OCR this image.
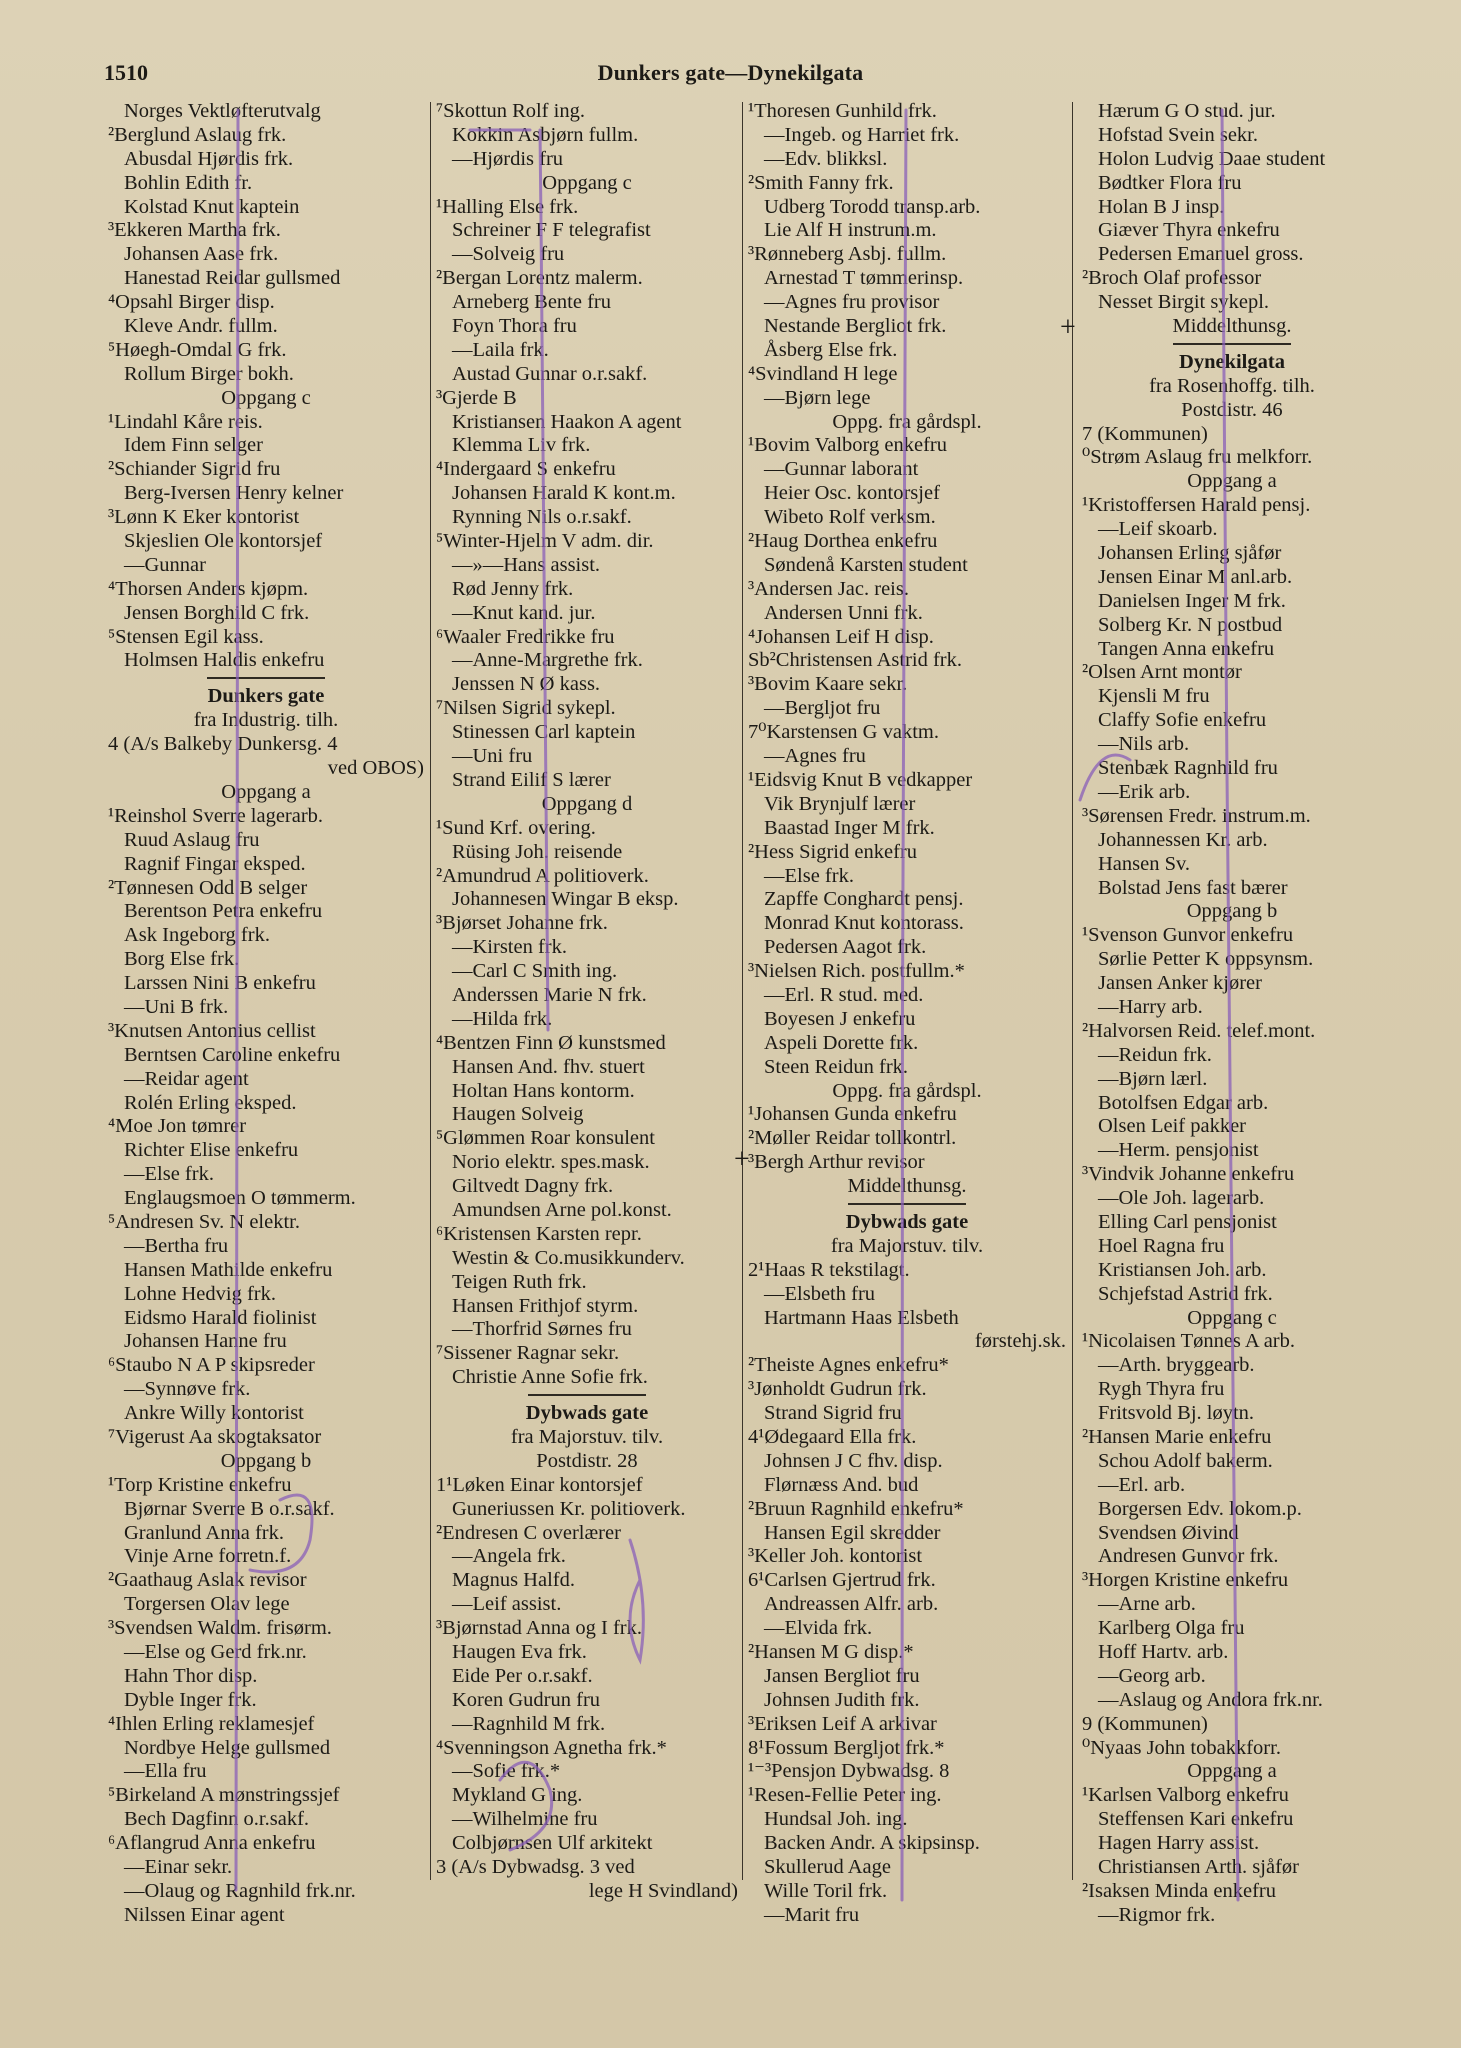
1510	Dunkers gate—Dynekilgata
Norges Vektløfterutvalg
²Berglund Aslaug frk.
Abusdal Hjørdis frk.
Bohlin Edith fr.
Kolstad Knut kaptein
³Ekkeren Martha frk.
Johansen Aase frk.
Hanestad Reidar gullsmed
⁴Opsahl Birger disp.
Kleve Andr. fullm.
⁵Høegh-Omdal G frk.
Rollum Birger bokh.
Oppgang c
¹Lindahl Kåre reis.
Idem Finn selger
²Schiander Sigrid fru
Berg-Iversen Henry kelner
³Lønn K Eker kontorist
Skjeslien Ole kontorsjef
—Gunnar
⁴Thorsen Anders kjøpm.
Jensen Borghild C frk.
⁵Stensen Egil kass.
Holmsen Haldis enkefru
Dunkers gate
fra Industrig. tilh.
4 (A/s Balkeby Dunkersg. 4
ved OBOS)
Oppgang a
¹Reinshol Sverre lagerarb.
Ruud Aslaug fru
Ragnif Fingar eksped.
²Tønnesen Odd B selger
Berentson Petra enkefru
Ask Ingeborg frk.
Borg Else frk.
Larssen Nini B enkefru
—Uni B frk.
³Knutsen Antonius cellist
Berntsen Caroline enkefru
—Reidar agent
Rolén Erling eksped.
⁴Moe Jon tømrer
Richter Elise enkefru
—Else frk.
Englaugsmoen O tømmerm.
⁵Andresen Sv. N elektr.
—Bertha fru
Hansen Mathilde enkefru
Lohne Hedvig frk.
Eidsmo Harald fiolinist
Johansen Hanne fru
⁶Staubo N A P skipsreder
—Synnøve frk.
Ankre Willy kontorist
⁷Vigerust Aa skogtaksator
Oppgang b
¹Torp Kristine enkefru
Bjørnar Sverre B o.r.sakf.
Granlund Anna frk.
Vinje Arne forretn.f.
²Gaathaug Aslak revisor
Torgersen Olav lege
³Svendsen Waldm. frisørm.
—Else og Gerd frk.nr.
Hahn Thor disp.
Dyble Inger frk.
⁴Ihlen Erling reklamesjef
Nordbye Helge gullsmed
—Ella fru
⁵Birkeland A mønstringssjef
Bech Dagfinn o.r.sakf.
⁶Aflangrud Anna enkefru
—Einar sekr.
—Olaug og Ragnhild frk.nr.
Nilssen Einar agent
⁷Skottun Rolf ing.
Kokkin Asbjørn fullm.
—Hjørdis fru
Oppgang c
¹Halling Else frk.
Schreiner F F telegrafist
—Solveig fru
²Bergan Lorentz malerm.
Arneberg Bente fru
Foyn Thora fru
—Laila frk.
Austad Gunnar o.r.sakf.
³Gjerde B
Kristiansen Haakon A agent
Klemma Liv frk.
⁴Indergaard S enkefru
Johansen Harald K kont.m.
Rynning Nils o.r.sakf.
⁵Winter-Hjelm V adm. dir.
—»—Hans assist.
Rød Jenny frk.
—Knut kand. jur.
⁶Waaler Fredrikke fru
—Anne-Margrethe frk.
Jenssen N Ø kass.
⁷Nilsen Sigrid sykepl.
Stinessen Carl kaptein
—Uni fru
Strand Eilif S lærer
Oppgang d
¹Sund Krf. overing.
Rüsing Joh. reisende
²Amundrud A politioverk.
Johannesen Wingar B eksp.
³Bjørset Johanne frk.
—Kirsten frk.
—Carl C Smith ing.
Anderssen Marie N frk.
—Hilda frk.
⁴Bentzen Finn Ø kunstsmed
Hansen And. fhv. stuert
Holtan Hans kontorm.
Haugen Solveig
⁵Glømmen Roar konsulent
Norio elektr. spes.mask.
Giltvedt Dagny frk.
Amundsen Arne pol.konst.
⁶Kristensen Karsten repr.
Westin & Co.musikkunderv.
Teigen Ruth frk.
Hansen Frithjof styrm.
—Thorfrid Sørnes fru
⁷Sissener Ragnar sekr.
Christie Anne Sofie frk.
Dybwads gate
fra Majorstuv. tilv.
Postdistr. 28
1¹Løken Einar kontorsjef
Guneriussen Kr. politioverk.
²Endresen C overlærer
—Angela frk.
Magnus Halfd.
—Leif assist.
³Bjørnstad Anna og I frk.
Haugen Eva frk.
Eide Per o.r.sakf.
Koren Gudrun fru
—Ragnhild M frk.
⁴Svenningson Agnetha frk.*
—Sofie frk.*
Mykland G ing.
—Wilhelmine fru
Colbjørnsen Ulf arkitekt
3 (A/s Dybwadsg. 3 ved
lege H Svindland)
¹Thoresen Gunhild frk.
—Ingeb. og Harriet frk.
—Edv. blikksl.
²Smith Fanny frk.
Udberg Torodd transp.arb.
Lie Alf H instrum.m.
³Rønneberg Asbj. fullm.
Arnestad T tømmerinsp.
—Agnes fru provisor
Nestande Bergliot frk.
Åsberg Else frk.
⁴Svindland H lege
—Bjørn lege
Oppg. fra gårdspl.
¹Bovim Valborg enkefru
—Gunnar laborant
Heier Osc. kontorsjef
Wibeto Rolf verksm.
²Haug Dorthea enkefru
Søndenå Karsten student
³Andersen Jac. reis.
Andersen Unni frk.
⁴Johansen Leif H disp.
Sb²Christensen Astrid frk.
³Bovim Kaare sekr.
—Bergljot fru
7⁰Karstensen G vaktm.
—Agnes fru
¹Eidsvig Knut B vedkapper
Vik Brynjulf lærer
Baastad Inger M frk.
²Hess Sigrid enkefru
—Else frk.
Zapffe Conghardt pensj.
Monrad Knut kontorass.
Pedersen Aagot frk.
³Nielsen Rich. postfullm.*
—Erl. R stud. med.
Boyesen J enkefru
Aspeli Dorette frk.
Steen Reidun frk.
Oppg. fra gårdspl.
¹Johansen Gunda enkefru
²Møller Reidar tollkontrl.
³Bergh Arthur revisor
Middelthunsg.
Dybwads gate
fra Majorstuv. tilv.
2¹Haas R tekstilagt.
—Elsbeth fru
Hartmann Haas Elsbeth
førstehj.sk.
²Theiste Agnes enkefru*
³Jønholdt Gudrun frk.
Strand Sigrid fru
4¹Ødegaard Ella frk.
Johnsen J C fhv. disp.
Flørnæss And. bud
²Bruun Ragnhild enkefru*
Hansen Egil skredder
³Keller Joh. kontorist
6¹Carlsen Gjertrud frk.
Andreassen Alfr. arb.
—Elvida frk.
²Hansen M G disp.*
Jansen Bergliot fru
Johnsen Judith frk.
³Eriksen Leif A arkivar
8¹Fossum Bergljot frk.*
¹⁻³Pensjon Dybwadsg. 8
¹Resen-Fellie Peter ing.
Hundsal Joh. ing.
Backen Andr. A skipsinsp.
Skullerud Aage
Wille Toril frk.
—Marit fru
Hærum G O stud. jur.
Hofstad Svein sekr.
Holon Ludvig Daae student
Bødtker Flora fru
Holan B J insp.
Giæver Thyra enkefru
Pedersen Emanuel gross.
²Broch Olaf professor
Nesset Birgit sykepl.
Middelthunsg.
Dynekilgata
fra Rosenhoffg. tilh.
Postdistr. 46
7 (Kommunen)
⁰Strøm Aslaug fru melkforr.
Oppgang a
¹Kristoffersen Harald pensj.
—Leif skoarb.
Johansen Erling sjåfør
Jensen Einar M anl.arb.
Danielsen Inger M frk.
Solberg Kr. N postbud
Tangen Anna enkefru
²Olsen Arnt montør
Kjensli M fru
Claffy Sofie enkefru
—Nils arb.
Stenbæk Ragnhild fru
—Erik arb.
³Sørensen Fredr. instrum.m.
Johannessen Kr. arb.
Hansen Sv.
Bolstad Jens fast bærer
Oppgang b
¹Svenson Gunvor enkefru
Sørlie Petter K oppsynsm.
Jansen Anker kjører
—Harry arb.
²Halvorsen Reid. telef.mont.
—Reidun frk.
—Bjørn lærl.
Botolfsen Edgar arb.
Olsen Leif pakker
—Herm. pensjonist
³Vindvik Johanne enkefru
—Ole Joh. lagerarb.
Elling Carl pensjonist
Hoel Ragna fru
Kristiansen Joh. arb.
Schjefstad Astrid frk.
Oppgang c
¹Nicolaisen Tønnes A arb.
—Arth. bryggearb.
Rygh Thyra fru
Fritsvold Bj. løytn.
²Hansen Marie enkefru
Schou Adolf bakerm.
—Erl. arb.
Borgersen Edv. lokom.p.
Svendsen Øivind
Andresen Gunvor frk.
³Horgen Kristine enkefru
—Arne arb.
Karlberg Olga fru
Hoff Hartv. arb.
—Georg arb.
—Aslaug og Andora frk.nr.
9 (Kommunen)
⁰Nyaas John tobakkforr.
Oppgang a
¹Karlsen Valborg enkefru
Steffensen Kari enkefru
Hagen Harry assist.
Christiansen Arth. sjåfør
²Isaksen Minda enkefru
—Rigmor frk.
+
+
